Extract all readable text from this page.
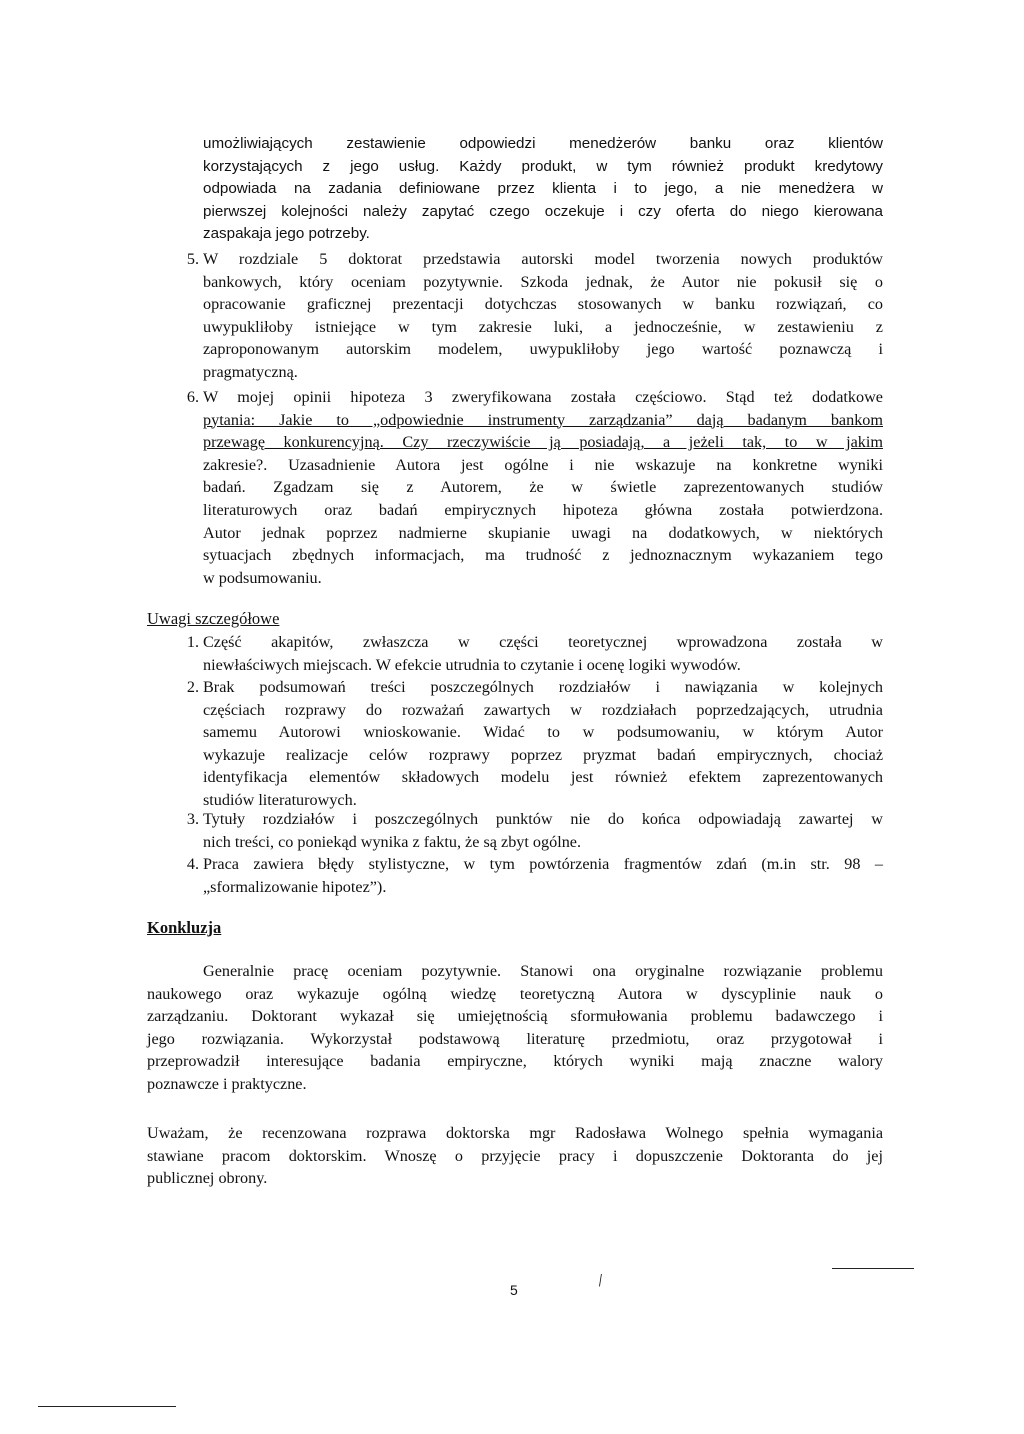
umożliwiających zestawienie odpowiedzi menedżerów banku oraz klientów

korzystających z jego usług. Każdy produkt, w tym również produkt kredytowy

odpowiada na zadania definiowane przez klienta i to jego, a nie menedżera w

pierwszej kolejności należy zapytać czego oczekuje i czy oferta do niego kierowana

zaspakaja jego potrzeby.

5. W rozdziale 5 doktorat przedstawia autorski model tworzenia nowych produktów

bankowych, który oceniam pozytywnie. Szkoda jednak, że Autor nie pokusił się o

opracowanie graficznej prezentacji dotychczas stosowanych w banku rozwiązań, co

uwypukliłoby istniejące w tym zakresie luki, a jednocześnie, w zestawieniu z

zaproponowanym autorskim modelem, uwypukliłoby jego wartość poznawczą i

pragmatyczną.

6. W mojej opinii hipoteza 3 zweryfikowana została częściowo. Stąd też dodatkowe

pytania: Jakie to „odpowiednie instrumenty zarządzania” dają badanym bankom

przewagę konkurencyjną. Czy rzeczywiście ją posiadają, a jeżeli tak, to w jakim

zakresie?. Uzasadnienie Autora jest ogólne i nie wskazuje na konkretne wyniki

badań. Zgadzam się z Autorem, że w świetle zaprezentowanych studiów

literaturowych oraz badań empirycznych hipoteza główna została potwierdzona.

Autor jednak poprzez nadmierne skupianie uwagi na dodatkowych, w niektórych

sytuacjach zbędnych informacjach, ma trudność z jednoznacznym wykazaniem tego

w podsumowaniu.

Uwagi szczegółowe
1. Część akapitów, zwłaszcza w części teoretycznej wprowadzona została w

niewłaściwych miejscach. W efekcie utrudnia to czytanie i ocenę logiki wywodów.

2. Brak podsumowań treści poszczególnych rozdziałów i nawiązania w kolejnych

częściach rozprawy do rozważań zawartych w rozdziałach poprzedzających, utrudnia

samemu Autorowi wnioskowanie. Widać to w podsumowaniu, w którym Autor

wykazuje realizacje celów rozprawy poprzez pryzmat badań empirycznych, chociaż

identyfikacja elementów składowych modelu jest również efektem zaprezentowanych

studiów literaturowych.

3. Tytuły rozdziałów i poszczególnych punktów nie do końca odpowiadają zawartej w

nich treści, co poniekąd wynika z faktu, że są zbyt ogólne.

4. Praca zawiera błędy stylistyczne, w tym powtórzenia fragmentów zdań (m.in str. 98 –

„sformalizowanie hipotez”).

Konkluzja

Generalnie pracę oceniam pozytywnie. Stanowi ona oryginalne rozwiązanie problemu

naukowego oraz wykazuje ogólną wiedzę teoretyczną Autora w dyscyplinie nauk o

zarządzaniu. Doktorant wykazał się umiejętnością sformułowania problemu badawczego i

jego rozwiązania. Wykorzystał podstawową literaturę przedmiotu, oraz przygotował i

przeprowadził interesujące badania empiryczne, których wyniki mają znaczne walory

poznawcze i praktyczne.

Uważam, że recenzowana rozprawa doktorska mgr Radosława Wolnego spełnia wymagania

stawiane pracom doktorskim. Wnoszę o przyjęcie pracy i dopuszczenie Doktoranta do jej

publicznej obrony.

/
5
